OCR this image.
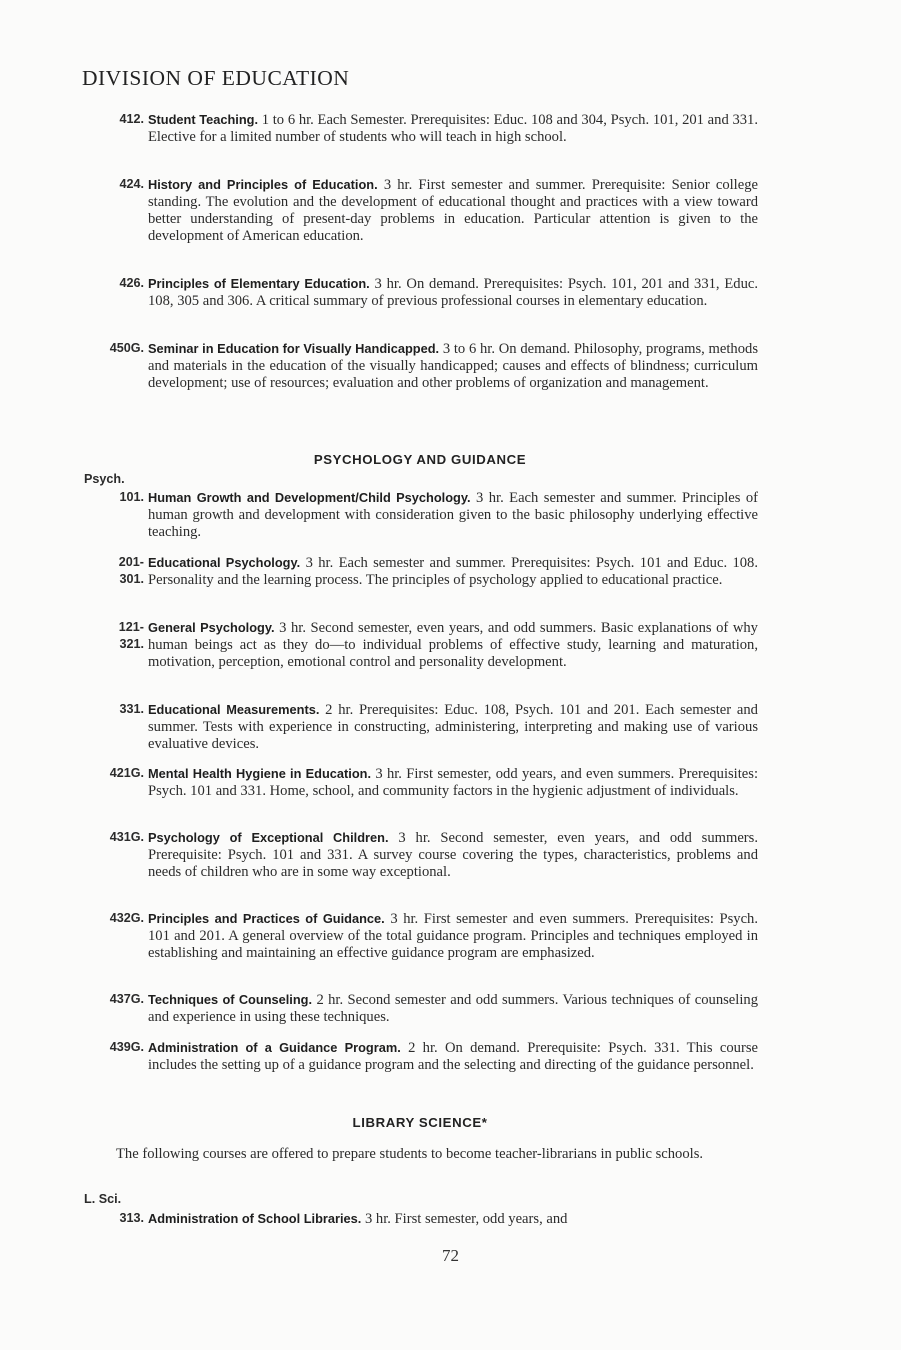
DIVISION OF EDUCATION
412. Student Teaching. 1 to 6 hr. Each Semester. Prerequisites: Educ. 108 and 304, Psych. 101, 201 and 331. Elective for a limited number of students who will teach in high school.
424. History and Principles of Education. 3 hr. First semester and summer. Prerequisite: Senior college standing. The evolution and the development of educational thought and practices with a view toward better understanding of present-day problems in education. Particular attention is given to the development of American education.
426. Principles of Elementary Education. 3 hr. On demand. Prerequisites: Psych. 101, 201 and 331, Educ. 108, 305 and 306. A critical summary of previous professional courses in elementary education.
450G. Seminar in Education for Visually Handicapped. 3 to 6 hr. On demand. Philosophy, programs, methods and materials in the education of the visually handicapped; causes and effects of blindness; curriculum development; use of resources; evaluation and other problems of organization and management.
PSYCHOLOGY AND GUIDANCE
Psych.
101. Human Growth and Development/Child Psychology. 3 hr. Each semester and summer. Principles of human growth and development with consideration given to the basic philosophy underlying effective teaching.
201-
301.
Educational Psychology. 3 hr. Each semester and summer. Prerequisites: Psych. 101 and Educ. 108. Personality and the learning process. The principles of psychology applied to educational practice.
121-
321.
General Psychology. 3 hr. Second semester, even years, and odd summers. Basic explanations of why human beings act as they do—to individual problems of effective study, learning and maturation, motivation, perception, emotional control and personality development.
331. Educational Measurements. 2 hr. Prerequisites: Educ. 108, Psych. 101 and 201. Each semester and summer. Tests with experience in constructing, administering, interpreting and making use of various evaluative devices.
421G. Mental Health Hygiene in Education. 3 hr. First semester, odd years, and even summers. Prerequisites: Psych. 101 and 331. Home, school, and community factors in the hygienic adjustment of individuals.
431G. Psychology of Exceptional Children. 3 hr. Second semester, even years, and odd summers. Prerequisite: Psych. 101 and 331. A survey course covering the types, characteristics, problems and needs of children who are in some way exceptional.
432G. Principles and Practices of Guidance. 3 hr. First semester and even summers. Prerequisites: Psych. 101 and 201. A general overview of the total guidance program. Principles and techniques employed in establishing and maintaining an effective guidance program are emphasized.
437G. Techniques of Counseling. 2 hr. Second semester and odd summers. Various techniques of counseling and experience in using these techniques.
439G. Administration of a Guidance Program. 2 hr. On demand. Prerequisite: Psych. 331. This course includes the setting up of a guidance program and the selecting and directing of the guidance personnel.
LIBRARY SCIENCE*
The following courses are offered to prepare students to become teacher-librarians in public schools.
L. Sci.
313. Administration of School Libraries. 3 hr. First semester, odd years, and
72
